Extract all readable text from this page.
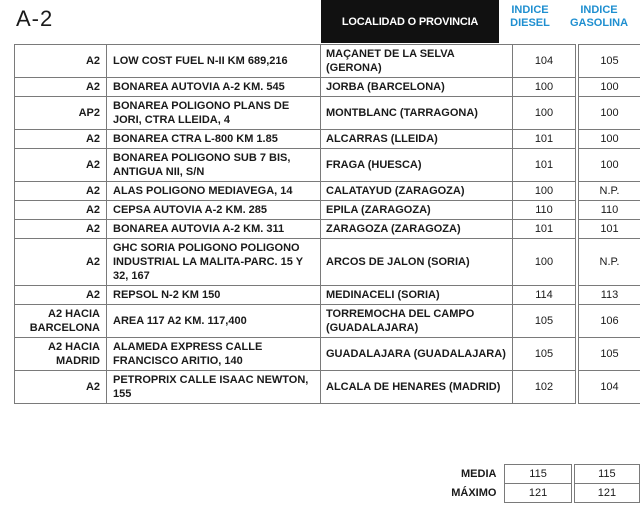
A-2	LOCALIDAD O PROVINCIA
INDICE
DIESEL
INDICE
GASOLINA
A2	LOW COST FUEL N-II KM 689,216	MAÇANET DE LA SELVA (GERONA)	104		105
A2	BONAREA AUTOVIA A-2 KM. 545	JORBA (BARCELONA)	100		100
AP2	BONAREA POLIGONO PLANS DE JORI, CTRA LLEIDA, 4	MONTBLANC (TARRAGONA)	100		100
A2	BONAREA CTRA L-800 KM 1.85	ALCARRAS (LLEIDA)	101		100
A2	BONAREA POLIGONO SUB 7 BIS, ANTIGUA NII, S/N	FRAGA (HUESCA)	101		100
A2	ALAS POLIGONO MEDIAVEGA, 14	CALATAYUD (ZARAGOZA)	100		N.P.
A2	CEPSA AUTOVIA A-2 KM. 285	EPILA (ZARAGOZA)	110		110
A2	BONAREA AUTOVIA A-2 KM. 311	ZARAGOZA (ZARAGOZA)	101		101
A2	GHC SORIA POLIGONO POLIGONO INDUSTRIAL LA MALITA-PARC. 15 Y 32, 167	ARCOS DE JALON (SORIA)	100		N.P.
A2	REPSOL N-2 KM 150	MEDINACELI (SORIA)	114		113
A2 HACIA BARCELONA	AREA 117 A2 KM. 117,400	TORREMOCHA DEL CAMPO (GUADALAJARA)	105		106
A2 HACIA MADRID	ALAMEDA EXPRESS CALLE FRANCISCO ARITIO, 140	GUADALAJARA (GUADALAJARA)	105		105
A2	PETROPRIX CALLE ISAAC NEWTON, 155	ALCALA DE HENARES (MADRID)	102		104
MEDIA	115		115
MÁXIMO	121		121
